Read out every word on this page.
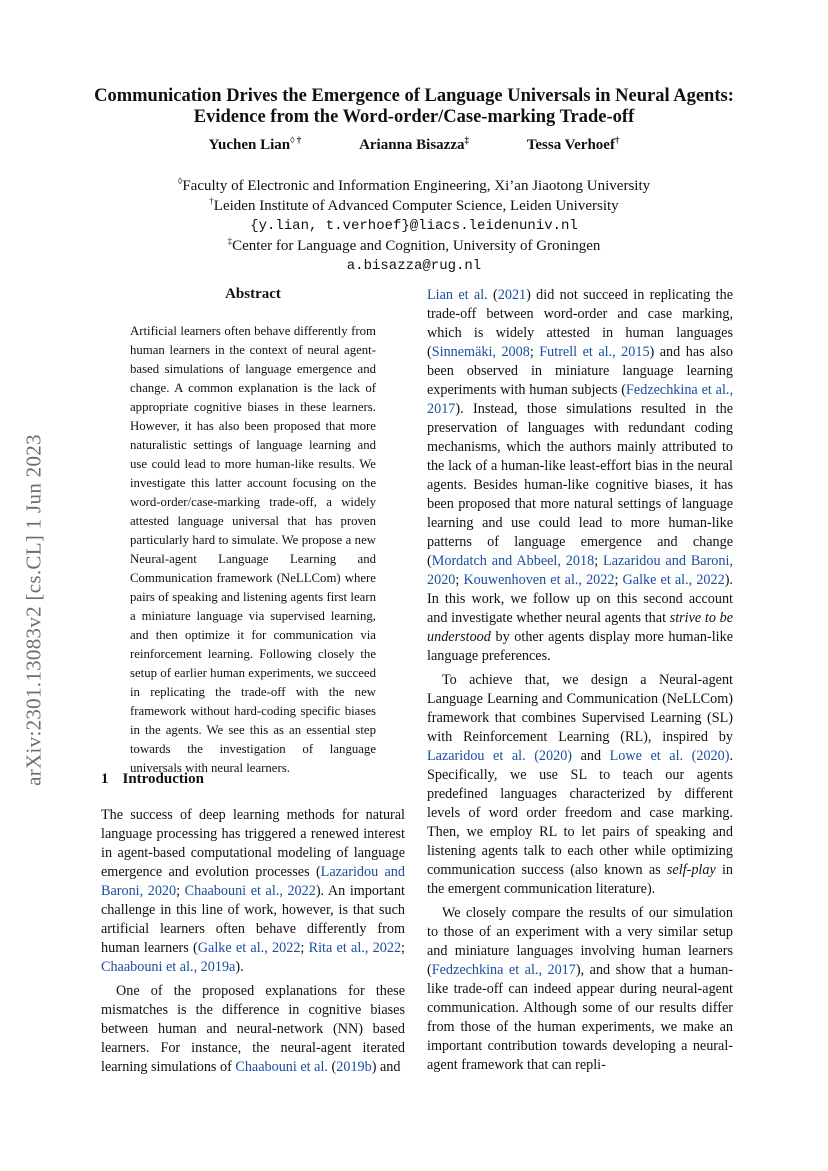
Communication Drives the Emergence of Language Universals in Neural Agents: Evidence from the Word-order/Case-marking Trade-off
Yuchen Lian◊ †	Arianna Bisazza‡	Tessa Verhoef†
◊Faculty of Electronic and Information Engineering, Xi’an Jiaotong University
†Leiden Institute of Advanced Computer Science, Leiden University
{y.lian, t.verhoef}@liacs.leidenuniv.nl
‡Center for Language and Cognition, University of Groningen
a.bisazza@rug.nl
arXiv:2301.13083v2 [cs.CL] 1 Jun 2023
Abstract
Artificial learners often behave differently from human learners in the context of neural agent-based simulations of language emergence and change. A common explanation is the lack of appropriate cognitive biases in these learners. However, it has also been proposed that more naturalistic settings of language learning and use could lead to more human-like results. We investigate this latter account focusing on the word-order/case-marking trade-off, a widely attested language universal that has proven particularly hard to simulate. We propose a new Neural-agent Language Learning and Communication framework (NeLLCom) where pairs of speaking and listening agents first learn a miniature language via supervised learning, and then optimize it for communication via reinforcement learning. Following closely the setup of earlier human experiments, we succeed in replicating the trade-off with the new framework without hard-coding specific biases in the agents. We see this as an essential step towards the investigation of language universals with neural learners.
1 Introduction

The success of deep learning methods for natural language processing has triggered a renewed interest in agent-based computational modeling of language emergence and evolution processes (Lazaridou and Baroni, 2020; Chaabouni et al., 2022). An important challenge in this line of work, however, is that such artificial learners often behave differently from human learners (Galke et al., 2022; Rita et al., 2022; Chaabouni et al., 2019a).

One of the proposed explanations for these mismatches is the difference in cognitive biases between human and neural-network (NN) based learners. For instance, the neural-agent iterated learning simulations of Chaabouni et al. (2019b) and

Lian et al. (2021) did not succeed in replicating the trade-off between word-order and case marking, which is widely attested in human languages (Sinnemäki, 2008; Futrell et al., 2015) and has also been observed in miniature language learning experiments with human subjects (Fedzechkina et al., 2017). Instead, those simulations resulted in the preservation of languages with redundant coding mechanisms, which the authors mainly attributed to the lack of a human-like least-effort bias in the neural agents. Besides human-like cognitive biases, it has been proposed that more natural settings of language learning and use could lead to more human-like patterns of language emergence and change (Mordatch and Abbeel, 2018; Lazaridou and Baroni, 2020; Kouwenhoven et al., 2022; Galke et al., 2022). In this work, we follow up on this second account and investigate whether neural agents that strive to be understood by other agents display more human-like language preferences.

To achieve that, we design a Neural-agent Language Learning and Communication (NeLLCom) framework that combines Supervised Learning (SL) with Reinforcement Learning (RL), inspired by Lazaridou et al. (2020) and Lowe et al. (2020). Specifically, we use SL to teach our agents predefined languages characterized by different levels of word order freedom and case marking. Then, we employ RL to let pairs of speaking and listening agents talk to each other while optimizing communication success (also known as self-play in the emergent communication literature).

We closely compare the results of our simulation to those of an experiment with a very similar setup and miniature languages involving human learners (Fedzechkina et al., 2017), and show that a human-like trade-off can indeed appear during neural-agent communication. Although some of our results differ from those of the human experiments, we make an important contribution towards developing a neural-agent framework that can repli-
